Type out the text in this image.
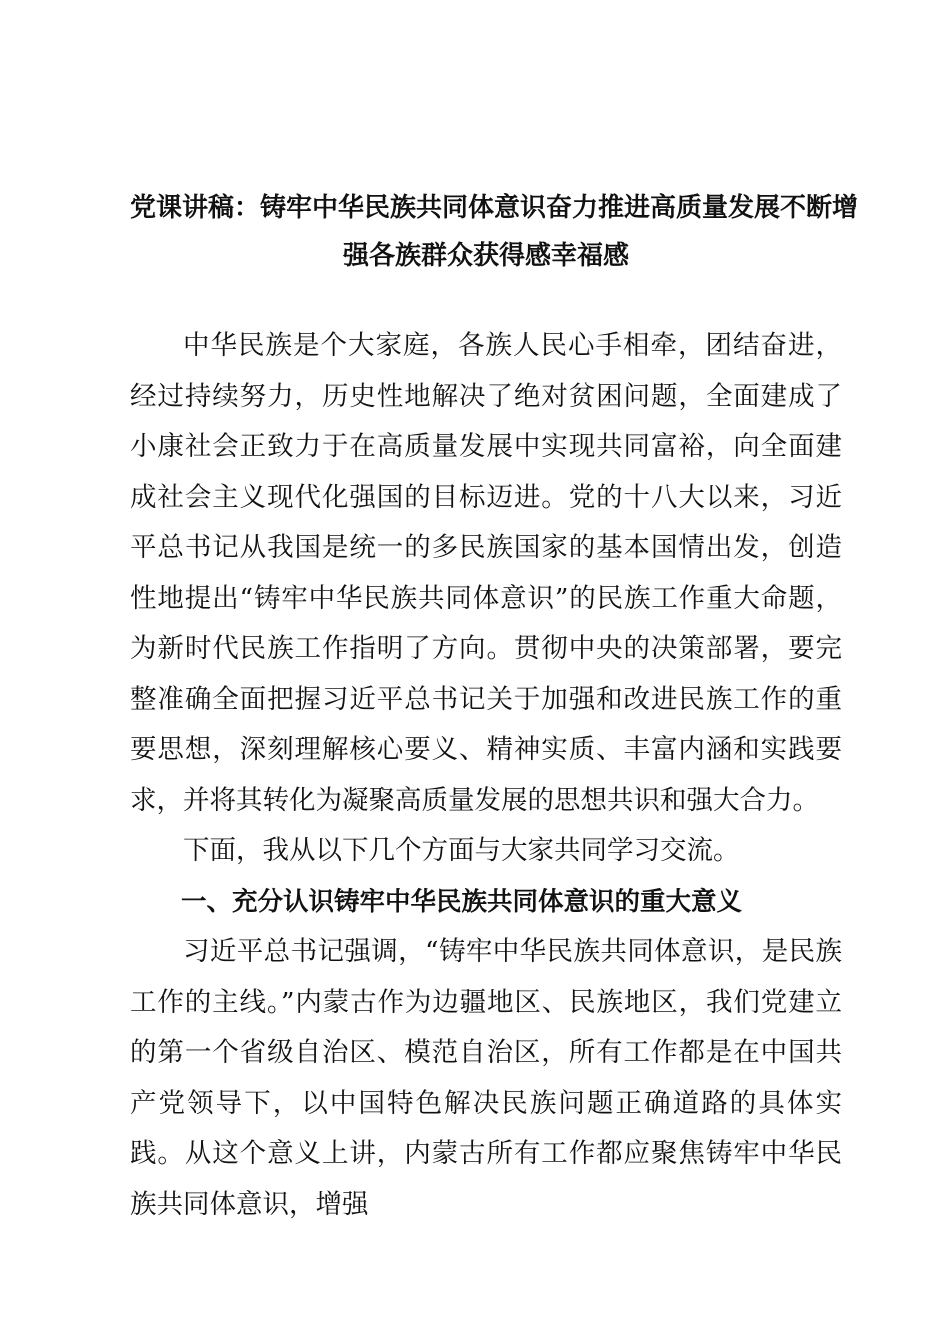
党课讲稿：铸牢中华民族共同体意识奋力推进高质量发展不断增
强各族群众获得感幸福感

中华民族是个大家庭，各族人民心手相牵，团结奋进，经过持续努力，历史性地解决了绝对贫困问题，全面建成了小康社会正致力于在高质量发展中实现共同富裕，向全面建成社会主义现代化强国的目标迈进。党的十八大以来，习近平总书记从我国是统一的多民族国家的基本国情出发，创造性地提出“铸牢中华民族共同体意识”的民族工作重大命题，为新时代民族工作指明了方向。贯彻中央的决策部署，要完整准确全面把握习近平总书记关于加强和改进民族工作的重要思想，深刻理解核心要义、精神实质、丰富内涵和实践要求，并将其转化为凝聚高质量发展的思想共识和强大合力。

下面，我从以下几个方面与大家共同学习交流。

一、充分认识铸牢中华民族共同体意识的重大意义

习近平总书记强调，“铸牢中华民族共同体意识，是民族工作的主线。”内蒙古作为边疆地区、民族地区，我们党建立的第一个省级自治区、模范自治区，所有工作都是在中国共产党领导下，以中国特色解决民族问题正确道路的具体实践。从这个意义上讲，内蒙古所有工作都应聚焦铸牢中华民族共同体意识，增强
